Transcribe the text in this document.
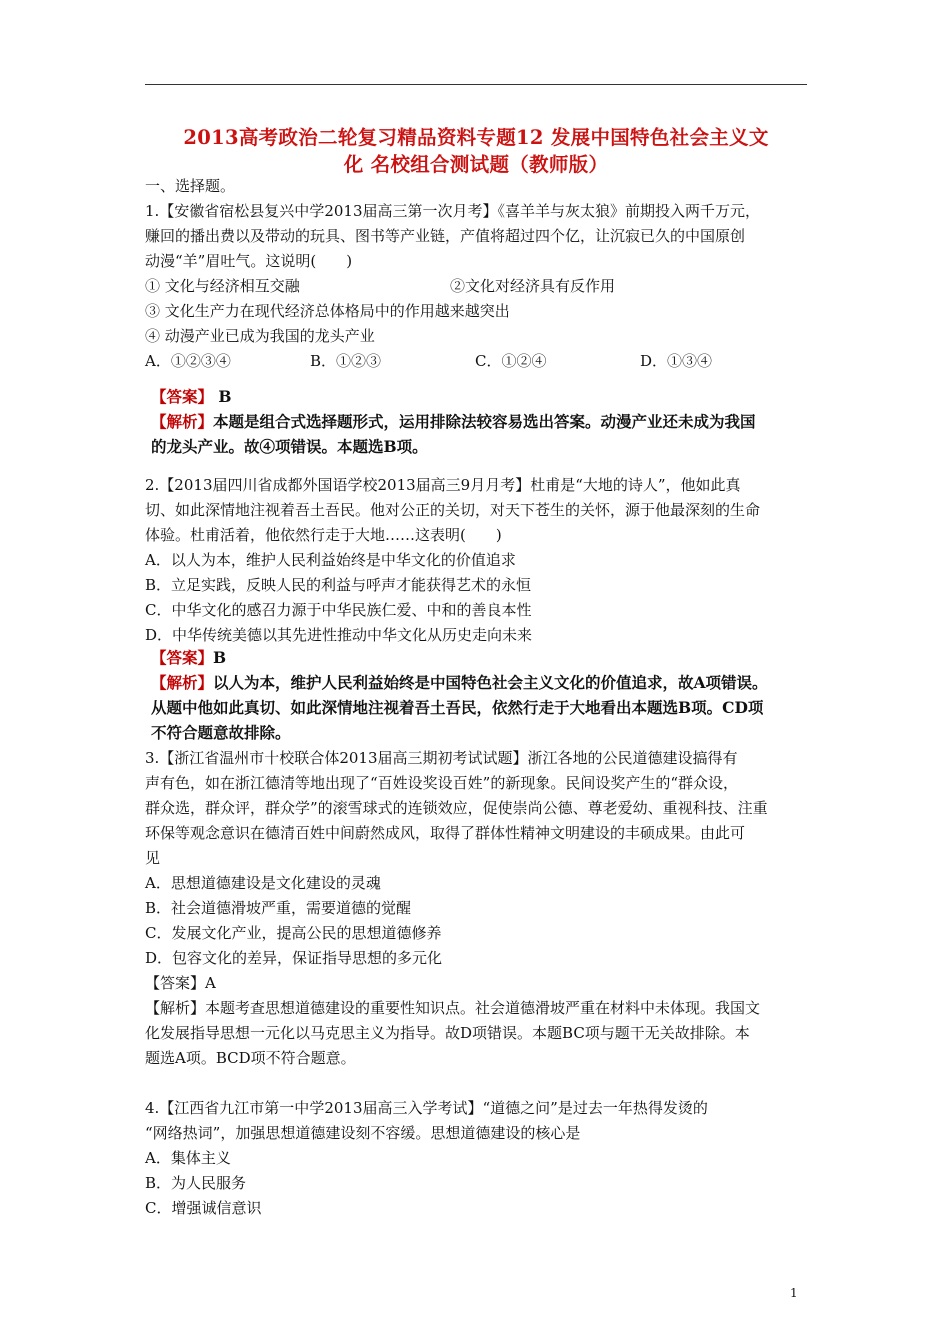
2013高考政治二轮复习精品资料专题12 发展中国特色社会主义文
化 名校组合测试题（教师版）
一、选择题。
1.【安徽省宿松县复兴中学2013届高三第一次月考】《喜羊羊与灰太狼》前期投入两千万元，
赚回的播出费以及带动的玩具、图书等产业链，产值将超过四个亿，让沉寂已久的中国原创
动漫“羊”眉吐气。这说明(　　)
① 文化与经济相互交融	②文化对经济具有反作用
③ 文化生产力在现代经济总体格局中的作用越来越突出
④ 动漫产业已成为我国的龙头产业
A．①②③④	B．①②③	C．①②④	D．①③④
【答案】 B
【解析】本题是组合式选择题形式，运用排除法较容易选出答案。动漫产业还未成为我国
的龙头产业。故④项错误。本题选B项。
2.【2013届四川省成都外国语学校2013届高三9月月考】杜甫是“大地的诗人”，他如此真
切、如此深情地注视着吾土吾民。他对公正的关切，对天下苍生的关怀，源于他最深刻的生命
体验。杜甫活着，他依然行走于大地……这表明(　　)
A．以人为本，维护人民利益始终是中华文化的价值追求
B．立足实践，反映人民的利益与呼声才能获得艺术的永恒
C．中华文化的感召力源于中华民族仁爱、中和的善良本性
D．中华传统美德以其先进性推动中华文化从历史走向未来
【答案】B
【解析】以人为本，维护人民利益始终是中国特色社会主义文化的价值追求，故A项错误。
从题中他如此真切、如此深情地注视着吾土吾民，依然行走于大地看出本题选B项。CD项
不符合题意故排除。
3.【浙江省温州市十校联合体2013届高三期初考试试题】浙江各地的公民道德建设搞得有
声有色，如在浙江德清等地出现了“百姓设奖设百姓”的新现象。民间设奖产生的“群众设，
群众选，群众评，群众学”的滚雪球式的连锁效应，促使崇尚公德、尊老爱幼、重视科技、注重
环保等观念意识在德清百姓中间蔚然成风，取得了群体性精神文明建设的丰硕成果。由此可
见
A．思想道德建设是文化建设的灵魂
B．社会道德滑坡严重，需要道德的觉醒
C．发展文化产业，提高公民的思想道德修养
D．包容文化的差异，保证指导思想的多元化
【答案】A
【解析】本题考查思想道德建设的重要性知识点。社会道德滑坡严重在材料中未体现。我国文
化发展指导思想一元化以马克思主义为指导。故D项错误。本题BC项与题干无关故排除。本
题选A项。BCD项不符合题意。
4.【江西省九江市第一中学2013届高三入学考试】“道德之问”是过去一年热得发烫的
“网络热词”，加强思想道德建设刻不容缓。思想道德建设的核心是
A．集体主义
B．为人民服务
C．增强诚信意识
1
